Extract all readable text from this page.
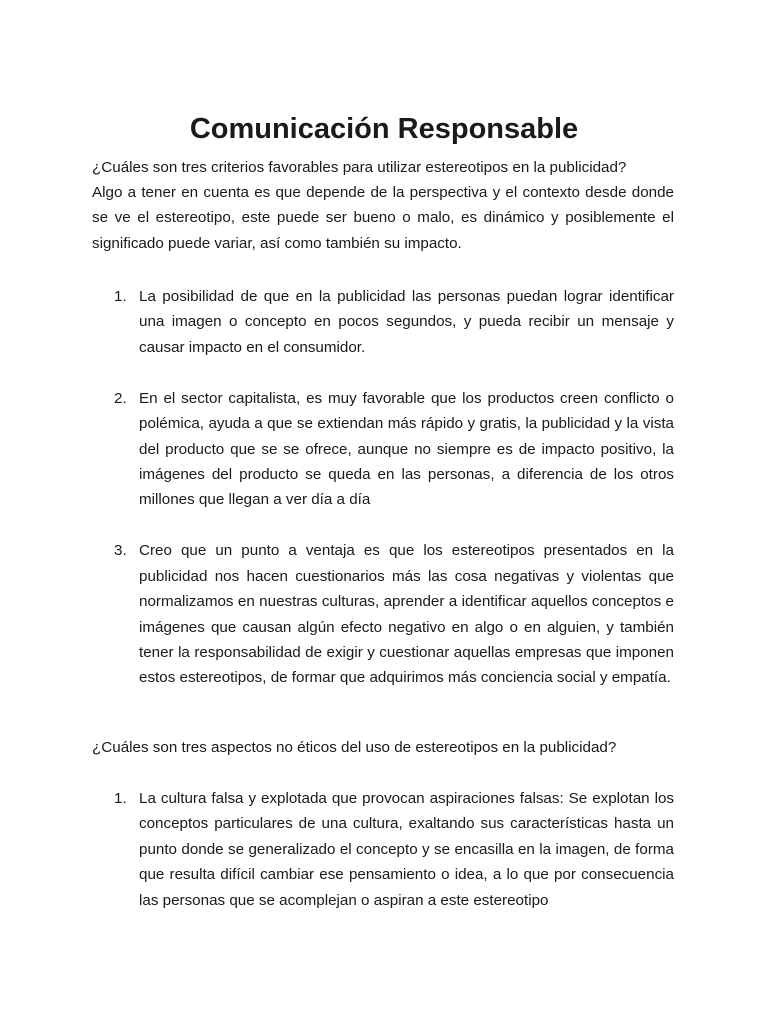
Comunicación Responsable

¿Cuáles son tres criterios favorables para utilizar estereotipos en la publicidad?

Algo a tener en cuenta es que depende de la perspectiva y el contexto desde donde se ve el estereotipo, este puede ser bueno o malo, es dinámico y posiblemente el significado puede variar, así como también su impacto.

1. La posibilidad de que en la publicidad las personas puedan lograr identificar una imagen o concepto en pocos segundos, y pueda recibir un mensaje y causar impacto en el consumidor.
2. En el sector capitalista, es muy favorable que los productos creen conflicto o polémica, ayuda a que se extiendan más rápido y gratis, la publicidad y la vista del producto que se se ofrece, aunque no siempre es de impacto positivo, la imágenes del producto se queda en las personas, a diferencia de los otros millones que llegan a ver día a día
3. Creo que un punto a ventaja es que los estereotipos presentados en la publicidad nos hacen cuestionarios más las cosa negativas y violentas que normalizamos en nuestras culturas, aprender a identificar aquellos conceptos e imágenes que causan algún efecto negativo en algo o en alguien, y también tener la responsabilidad de exigir y cuestionar aquellas empresas que imponen estos estereotipos, de formar que adquirimos más conciencia social y empatía.

¿Cuáles son tres aspectos no éticos del uso de estereotipos en la publicidad?

1. La cultura falsa y explotada que provocan aspiraciones falsas: Se explotan los conceptos particulares de una cultura, exaltando sus características hasta un punto donde se generalizado el concepto y se encasilla en la imagen, de forma que resulta difícil cambiar ese pensamiento o idea, a lo que por consecuencia las personas que se acomplejan o aspiran a este estereotipo
